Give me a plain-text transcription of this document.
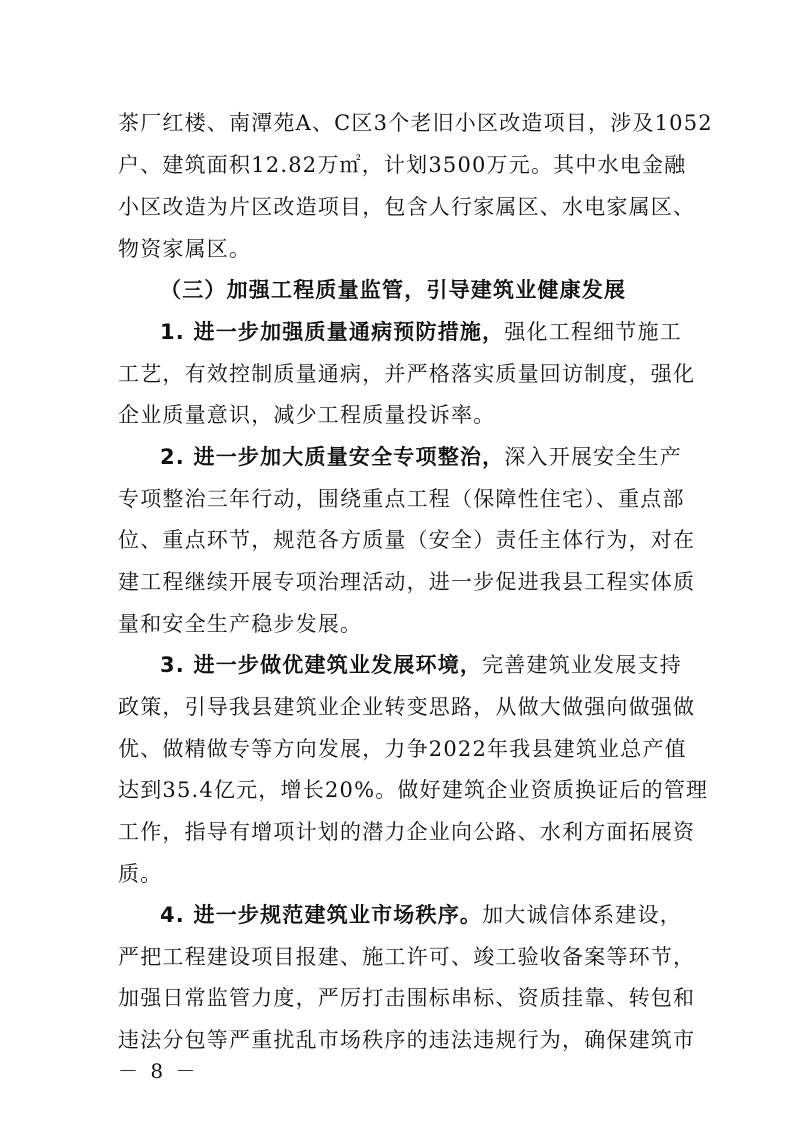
茶厂红楼、南潭苑A、C区3个老旧小区改造项目，涉及1052
户、建筑面积12.82万㎡，计划3500万元。其中水电金融
小区改造为片区改造项目，包含人行家属区、水电家属区、
物资家属区。
（三）加强工程质量监管，引导建筑业健康发展
1. 进一步加强质量通病预防措施，强化工程细节施工
工艺，有效控制质量通病，并严格落实质量回访制度，强化
企业质量意识，减少工程质量投诉率。
2. 进一步加大质量安全专项整治，深入开展安全生产
专项整治三年行动，围绕重点工程（保障性住宅）、重点部
位、重点环节，规范各方质量（安全）责任主体行为，对在
建工程继续开展专项治理活动，进一步促进我县工程实体质
量和安全生产稳步发展。
3. 进一步做优建筑业发展环境，完善建筑业发展支持
政策，引导我县建筑业企业转变思路，从做大做强向做强做
优、做精做专等方向发展，力争2022年我县建筑业总产值
达到35.4亿元，增长20%。做好建筑企业资质换证后的管理
工作，指导有增项计划的潜力企业向公路、水利方面拓展资
质。
4. 进一步规范建筑业市场秩序。加大诚信体系建设，
严把工程建设项目报建、施工许可、竣工验收备案等环节，
加强日常监管力度，严厉打击围标串标、资质挂靠、转包和
违法分包等严重扰乱市场秩序的违法违规行为，确保建筑市
－ 8 －
